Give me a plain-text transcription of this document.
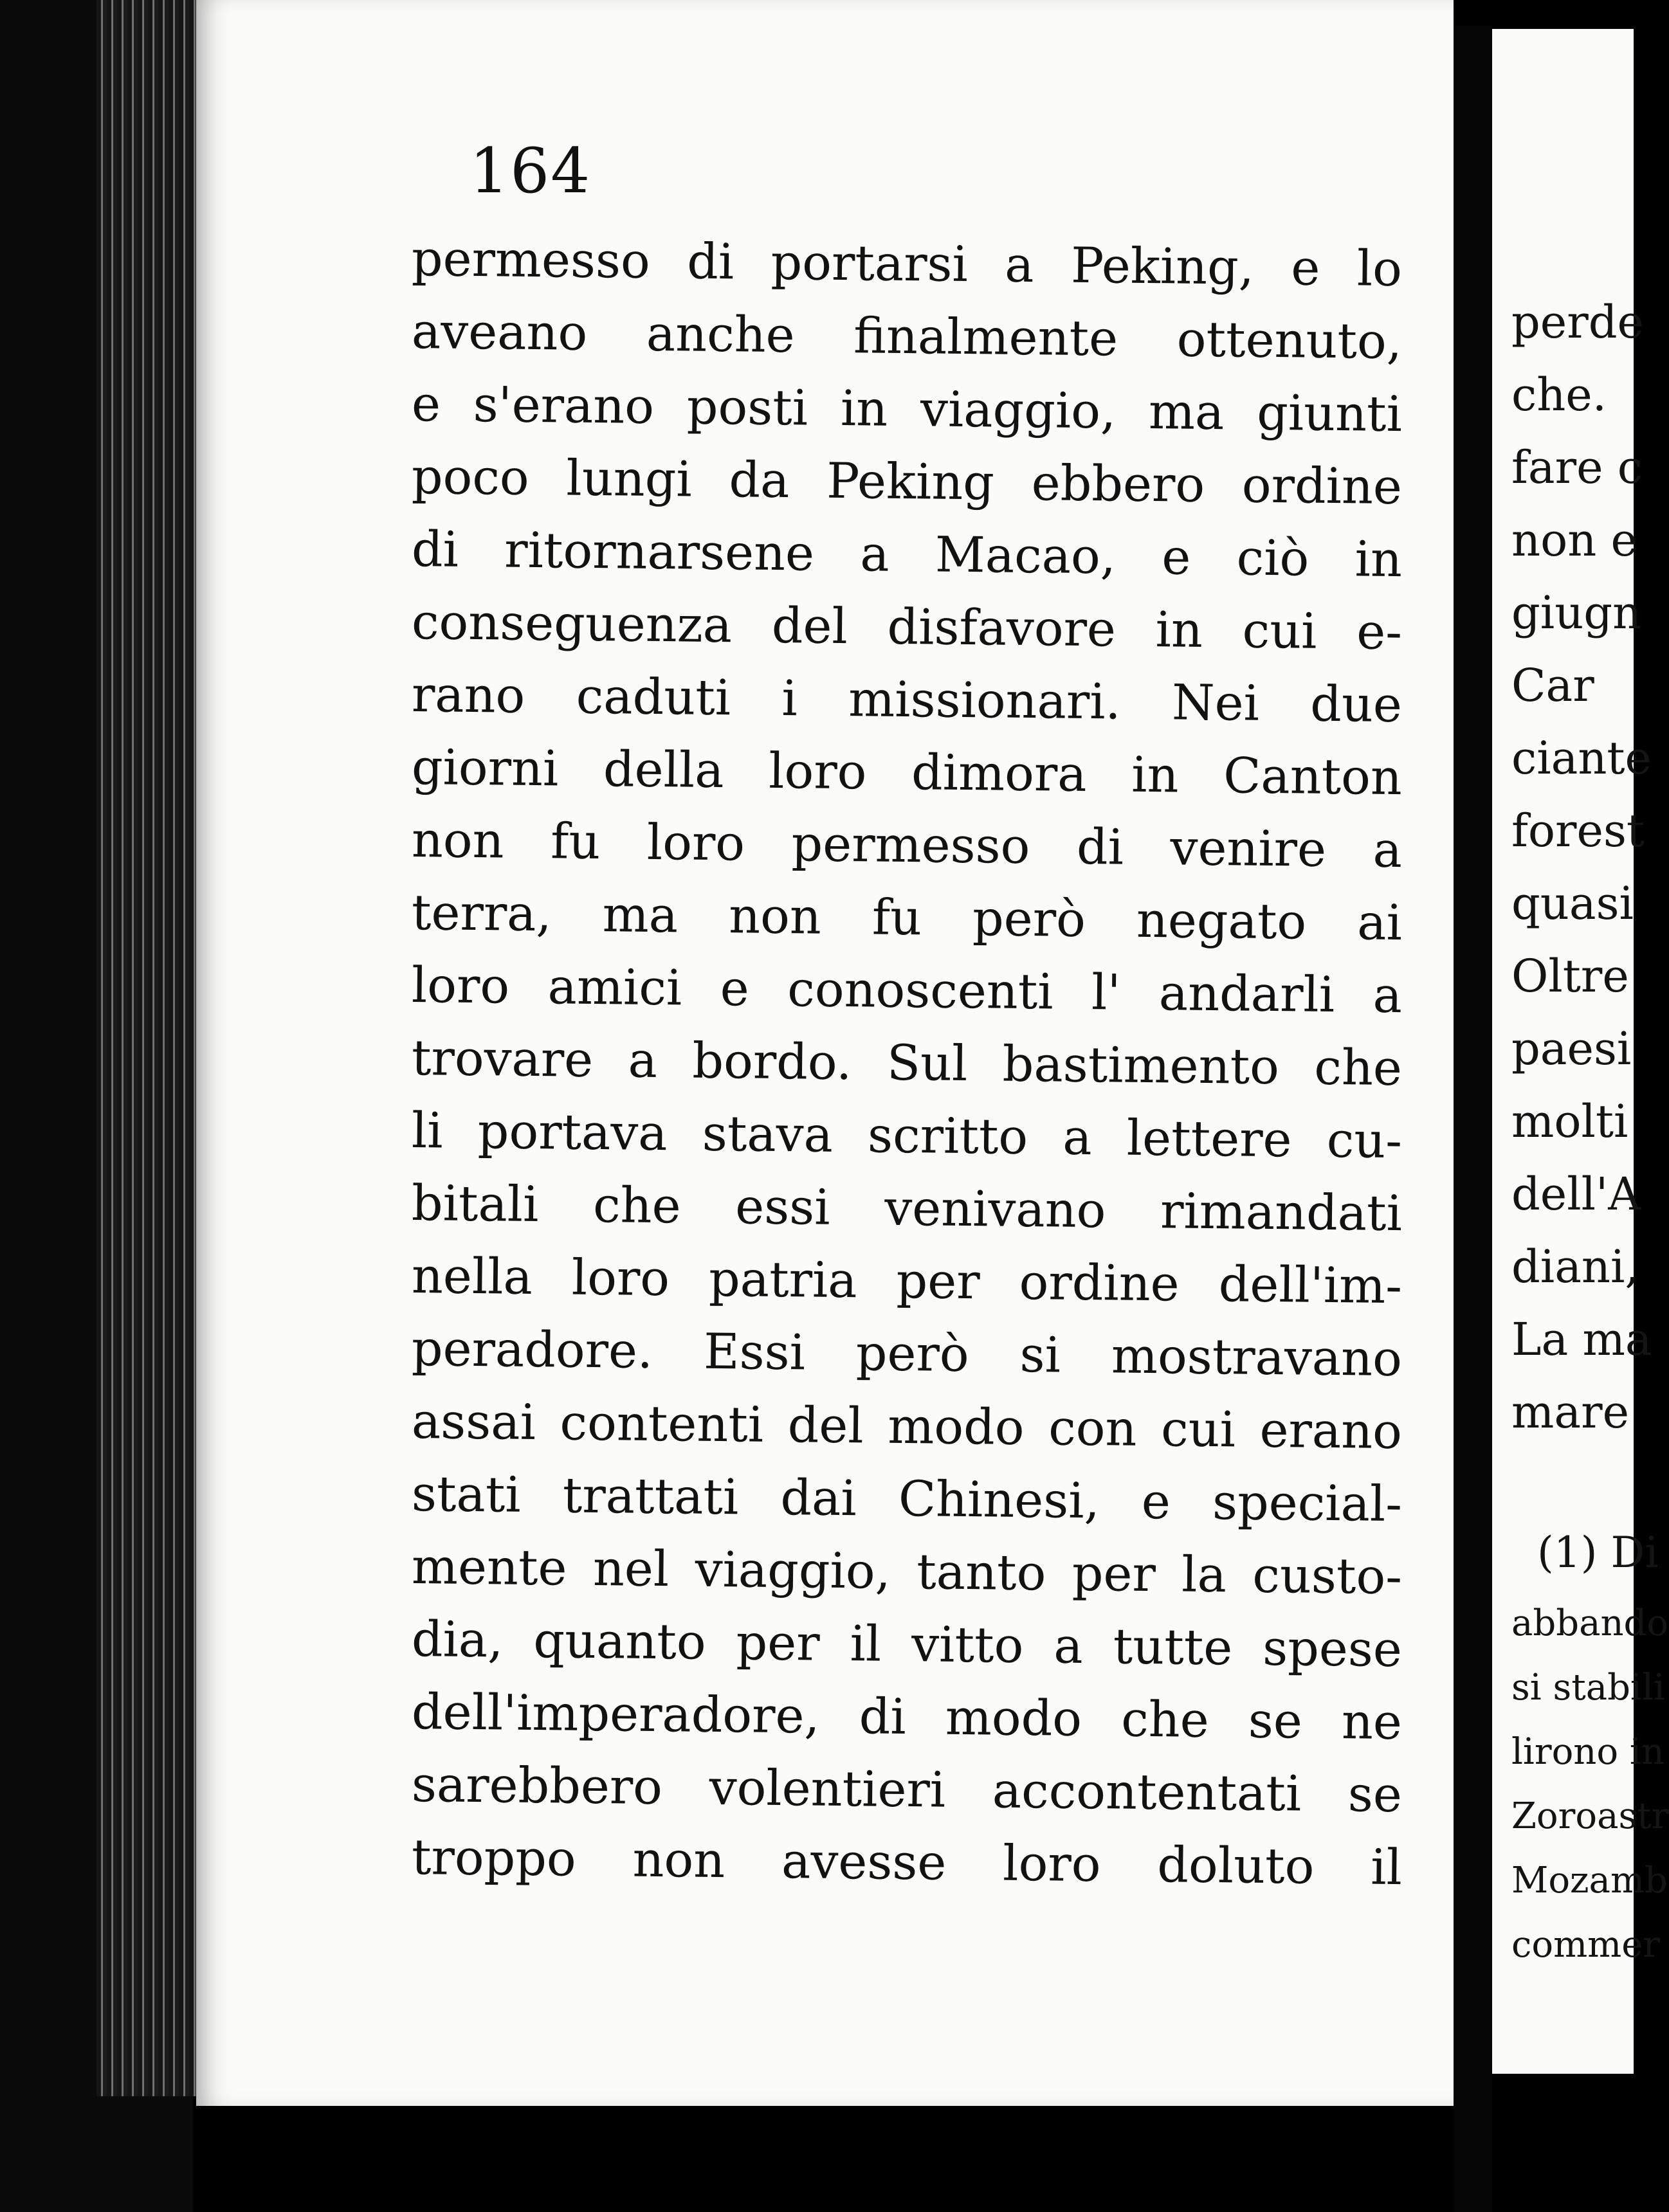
164
permesso di portarsi a Peking, e lo
aveano anche finalmente ottenuto,
e s'erano posti in viaggio, ma giunti
poco lungi da Peking ebbero ordine
di ritornarsene a Macao, e ciò in
conseguenza del disfavore in cui e-
rano caduti i missionari. Nei due
giorni della loro dimora in Canton
non fu loro permesso di venire a
terra, ma non fu però negato ai
loro amici e conoscenti l' andarli a
trovare a bordo. Sul bastimento che
li portava stava scritto a lettere cu-
bitali che essi venivano rimandati
nella loro patria per ordine dell'im-
peradore. Essi però si mostravano
assai contenti del modo con cui erano
stati trattati dai Chinesi, e special-
mente nel viaggio, tanto per la custo-
dia, quanto per il vitto a tutte spese
dell'imperadore, di modo che se ne
sarebbero volentieri accontentati se
troppo non avesse loro doluto il
perde
che.
fare c
non e
giugn
Car
ciante
forest
quasi
Oltre
paesi
molti
dell'A
diani,
La ma
mare
(1) Di
abbando
si stabili
lirono in
Zoroastr
Mozamb
commer
